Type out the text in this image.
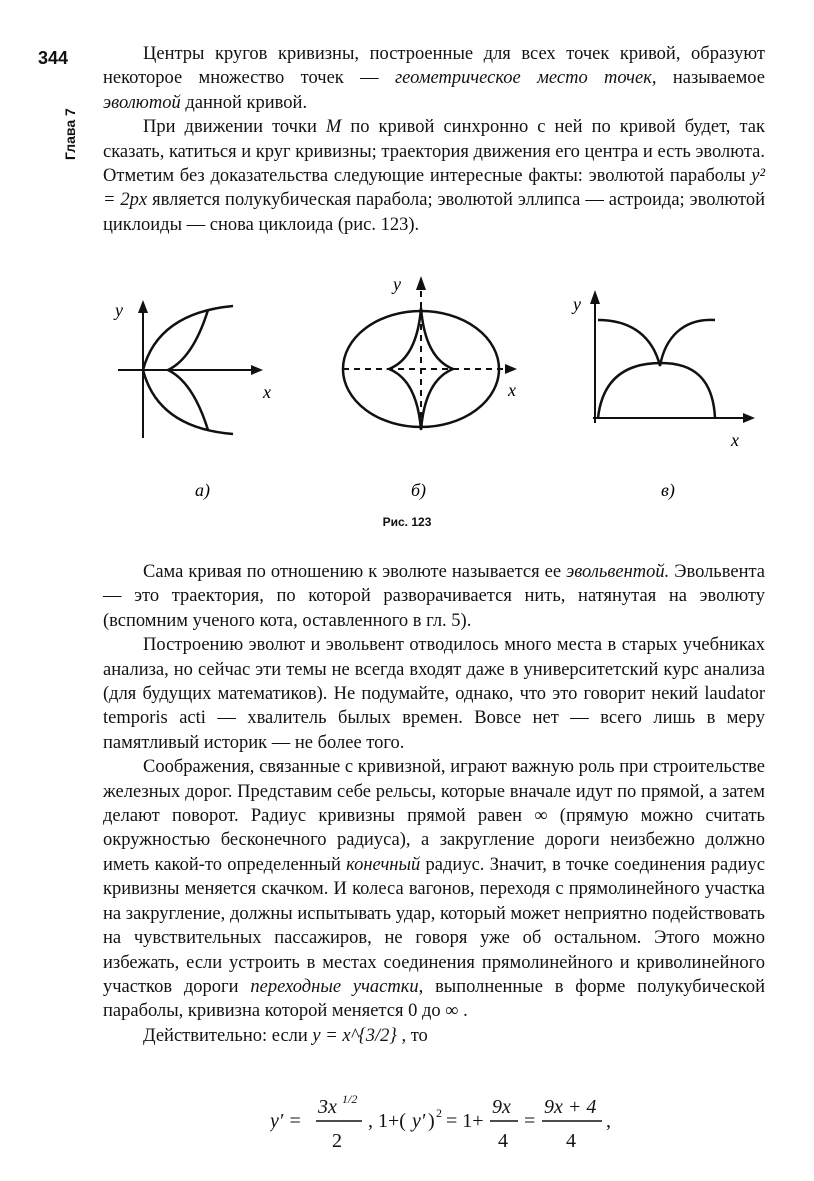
344
Глава 7

Центры кругов кривизны, построенные для всех точек кривой, образуют некоторое множество точек — геометрическое место точек, называемое эволютой данной кривой.

При движении точки M по кривой синхронно с ней по кривой будет, так сказать, катиться и круг кривизны; траектория движения его центра и есть эволюта. Отметим без доказательства следующие интересные факты: эволютой параболы y² = 2px является полукубическая парабола; эволютой эллипса — астроида; эволютой циклоиды — снова циклоида (рис. 123).

y
x
а)
y
x
б)
y
x
в)
Рис. 123

Сама кривая по отношению к эволюте называется ее эвольвентой. Эвольвента — это траектория, по которой разворачивается нить, натянутая на эволюту (вспомним ученого кота, оставленного в гл. 5).

Построению эволют и эвольвент отводилось много места в старых учебниках анализа, но сейчас эти темы не всегда входят даже в университетский курс анализа (для будущих математиков). Не подумайте, однако, что это говорит некий laudator temporis acti — хвалитель былых времен. Вовсе нет — всего лишь в меру памятливый историк — не более того.

Соображения, связанные с кривизной, играют важную роль при строительстве железных дорог. Представим себе рельсы, которые вначале идут по прямой, а затем делают поворот. Радиус кривизны прямой равен ∞ (прямую можно считать окружностью бесконечного радиуса), а закругление дороги неизбежно должно иметь какой-то определенный конечный радиус. Значит, в точке соединения радиус кривизны меняется скачком. И колеса вагонов, переходя с прямолинейного участка на закругление, должны испытывать удар, который может неприятно подействовать на чувствительных пассажиров, не говоря уже об остальном. Этого можно избежать, если устроить в местах соединения прямолинейного и криволинейного участков дороги переходные участки, выполненные в форме полукубической параболы, кривизна которой меняется 0 до ∞ .

Действительно: если y = x^{3/2} , то

y′ =
3x 1/2
2
, 1+( y′ ) 2 = 1+
9x
4
=
9x + 4
4
,
